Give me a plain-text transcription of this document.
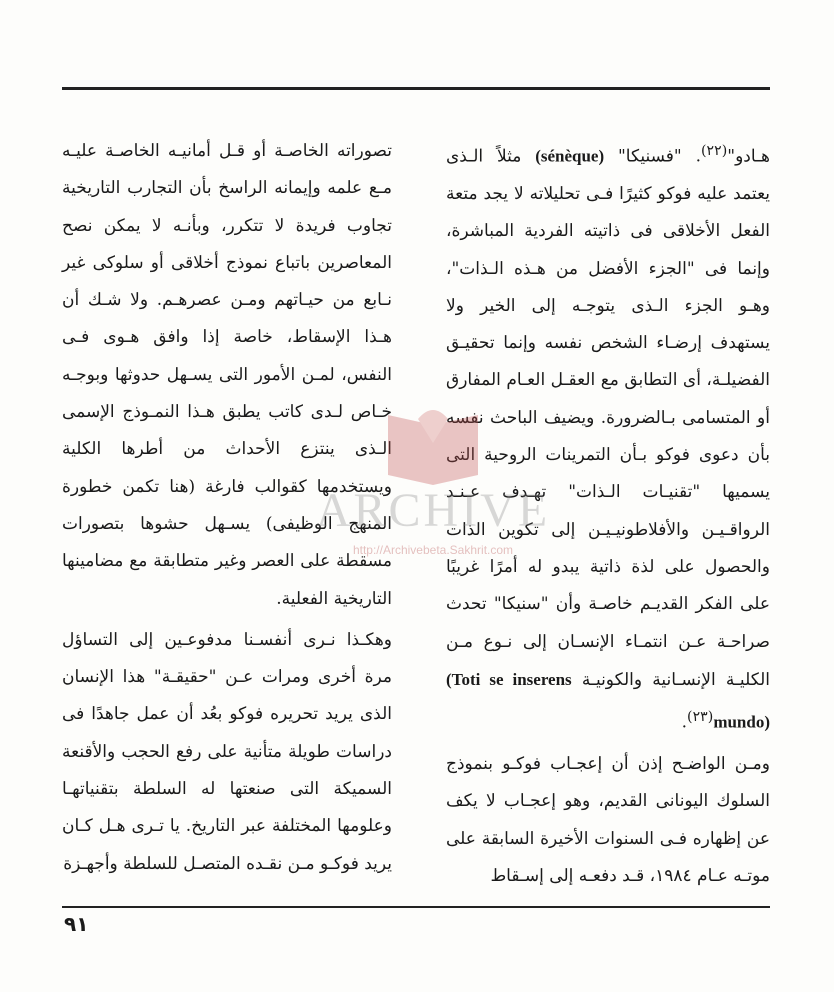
هـادو"$^{(٢٢)}$. "فسنيكا" (sénèque) مثلاً الـذى يعتمد عليه فوكو كثيرًا فـى تحليلاته لا يجد متعة الفعل الأخلاقى فى ذاتيته الفردية المباشرة، وإنما فى "الجزء الأفضل من هـذه الـذات"، وهـو الجزء الـذى يتوجـه إلى الخير ولا يستهدف إرضـاء الشخص نفسه وإنما تحقيـق الفضيلـة، أى التطابق مع العقـل العـام المفارق أو المتسامى بـالضرورة. ويضيف الباحث نفسه بأن دعوى فوكو بـأن التمرينات الروحية التى يسميها "تقنيـات الـذات" تهـدف عـنـد الرواقـيـن والأفلاطونيـيـن إلى تكوين الذات والحصول على لذة ذاتية يبدو له أمرًا غريبًا على الفكر القديـم خاصـة وأن "سنيكا" تحدث صراحـة عـن انتمـاء الإنسـان إلى نـوع مـن الكليـة الإنسـانية والكونيـة (Toti se inserens mundo)$^{(٢٣)}$.

ومـن الواضـح إذن أن إعجـاب فوكـو بنموذج السلوك اليونانى القديم، وهو إعجـاب لا يكف عن إظهاره فـى السنوات الأخيرة السابقة على موتـه عـام ١٩٨٤، قـد دفعـه إلى إسـقاط

تصوراته الخاصـة أو قـل أمانيـه الخاصـة عليـه مـع علمه وإيمانه الراسخ بأن التجارب التاريخية تجاوب فريدة لا تتكرر، وبأنـه لا يمكن نصح المعاصرين باتباع نموذج أخلاقى أو سلوكى غير نـابع من حيـاتهم ومـن عصرهـم. ولا شـك أن هـذا الإسقاط، خاصة إذا وافق هـوى فـى النفس، لمـن الأمور التى يسـهل حدوثها وبوجـه خـاص لـدى كاتب يطبق هـذا النمـوذج الإسمى الـذى ينتزع الأحداث من أطرها الكلية ويستخدمها كقوالب فارغة (هنا تكمن خطورة المنهج الوظيفى) يسـهل حشوها بتصورات مسقطة على العصر وغير متطابقة مع مضامينها التاريخية الفعلية.

وهكـذا نـرى أنفسـنا مدفوعـين إلى التساؤل مرة أخرى ومرات عـن "حقيقـة" هذا الإنسان الذى يريد تحريره فوكو بعُد أن عمل جاهدًا فى دراسات طويلة متأنية على رفع الحجب والأقنعة السميكة التى صنعتها له السلطة بتقنياتهـا وعلومها المختلفة عبر التاريخ. يا تـرى هـل كـان يريد فوكـو مـن نقـده المتصـل للسلطة وأجهـزة

ARCHIVE
http://Archivebeta.Sakhrit.com
٩١
